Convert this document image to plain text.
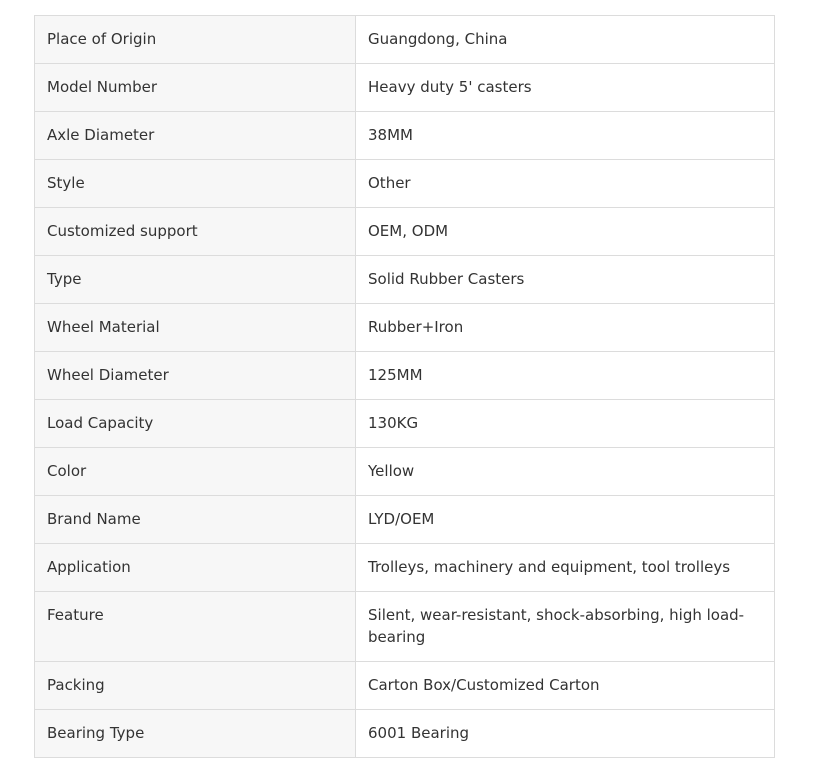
Place of Origin	Guangdong, China
Model Number	Heavy duty 5' casters
Axle Diameter	38MM
Style	Other
Customized support	OEM, ODM
Type	Solid Rubber Casters
Wheel Material	Rubber+Iron
Wheel Diameter	125MM
Load Capacity	130KG
Color	Yellow
Brand Name	LYD/OEM
Application	Trolleys, machinery and equipment, tool trolleys
Feature	Silent, wear-resistant, shock-absorbing, high load-bearing
Packing	Carton Box/Customized Carton
Bearing Type	6001 Bearing
